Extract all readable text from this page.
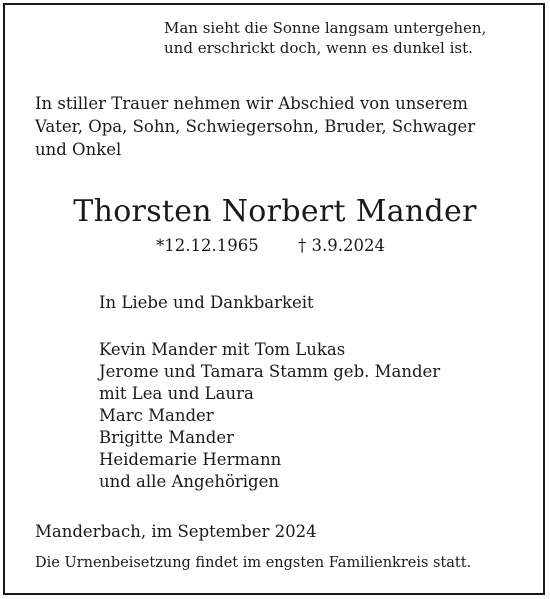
Man sieht die Sonne langsam untergehen,

und erschrickt doch, wenn es dunkel ist.

In stiller Trauer nehmen wir Abschied von unserem

Vater, Opa, Sohn, Schwiegersohn, Bruder, Schwager

und Onkel

Thorsten Norbert Mander

*12.12.1965 † 3.9.2024

In Liebe und Dankbarkeit

Kevin Mander mit Tom Lukas

Jerome und Tamara Stamm geb. Mander

mit Lea und Laura

Marc Mander

Brigitte Mander

Heidemarie Hermann

und alle Angehörigen

Manderbach, im September 2024

Die Urnenbeisetzung findet im engsten Familienkreis statt.
